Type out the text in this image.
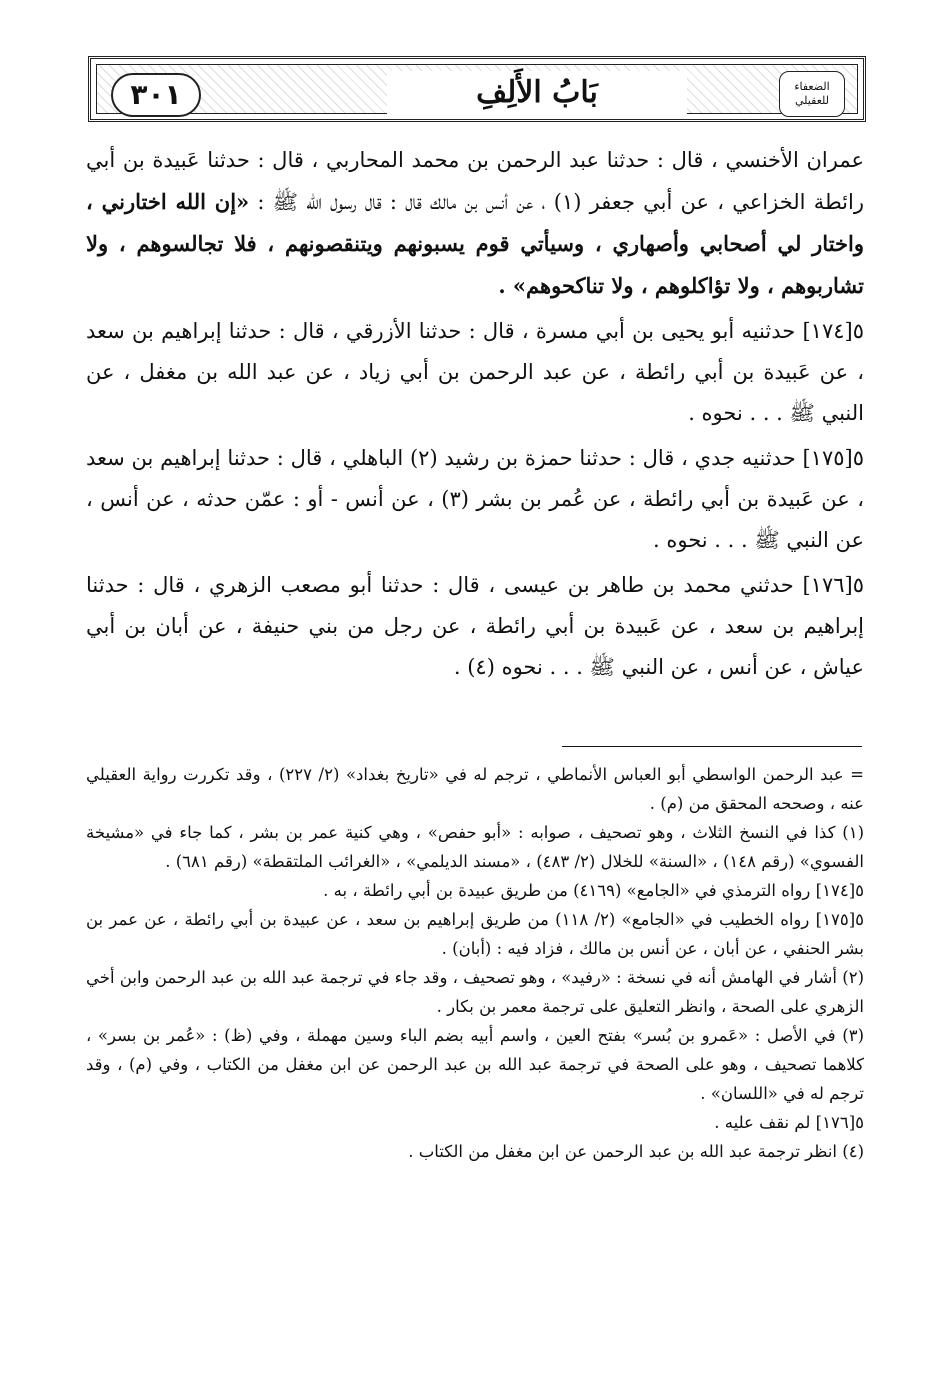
٣٠١	بَابُ الأَلِفِ	الضعفاء للعقيلي

عمران الأخنسي ، قال : حدثنا عبد الرحمن بن محمد المحاربي ، قال : حدثنا عَبيدة بن أبي رائطة الخزاعي ، عن أبي جعفر (١) ، عن أنس بن مالك قال : قال رسول الله ﷺ : «إن الله اختارني ، واختار لي أصحابي وأصهاري ، وسيأتي قوم يسبونهم ويتنقصونهم ، فلا تجالسوهم ، ولا تشاربوهم ، ولا تؤاكلوهم ، ولا تناكحوهم» .

٥[١٧٤] حدثنيه أبو يحيى بن أبي مسرة ، قال : حدثنا الأزرقي ، قال : حدثنا إبراهيم بن سعد ، عن عَبيدة بن أبي رائطة ، عن عبد الرحمن بن أبي زياد ، عن عبد الله بن مغفل ، عن النبي ﷺ . . . نحوه .

٥[١٧٥] حدثنيه جدي ، قال : حدثنا حمزة بن رشيد (٢) الباهلي ، قال : حدثنا إبراهيم بن سعد ، عن عَبيدة بن أبي رائطة ، عن عُمر بن بشر (٣) ، عن أنس - أو : عمّن حدثه ، عن أنس ، عن النبي ﷺ . . . نحوه .

٥[١٧٦] حدثني محمد بن طاهر بن عيسى ، قال : حدثنا أبو مصعب الزهري ، قال : حدثنا إبراهيم بن سعد ، عن عَبيدة بن أبي رائطة ، عن رجل من بني حنيفة ، عن أبان بن أبي عياش ، عن أنس ، عن النبي ﷺ . . . نحوه (٤) .

= عبد الرحمن الواسطي أبو العباس الأنماطي ، ترجم له في «تاريخ بغداد» (٢/ ٢٢٧) ، وقد تكررت رواية العقيلي عنه ، وصححه المحقق من (م) .

(١) كذا في النسخ الثلاث ، وهو تصحيف ، صوابه : «أبو حفص» ، وهي كنية عمر بن بشر ، كما جاء في «مشيخة الفسوي» (رقم ١٤٨) ، «السنة» للخلال (٢/ ٤٨٣) ، «مسند الديلمي» ، «الغرائب الملتقطة» (رقم ٦٨١) .

٥[١٧٤] رواه الترمذي في «الجامع» (٤١٦٩) من طريق عبيدة بن أبي رائطة ، به .

٥[١٧٥] رواه الخطيب في «الجامع» (٢/ ١١٨) من طريق إبراهيم بن سعد ، عن عبيدة بن أبي رائطة ، عن عمر بن بشر الحنفي ، عن أبان ، عن أنس بن مالك ، فزاد فيه : (أبان) .

(٢) أشار في الهامش أنه في نسخة : «رفيد» ، وهو تصحيف ، وقد جاء في ترجمة عبد الله بن عبد الرحمن وابن أخي الزهري على الصحة ، وانظر التعليق على ترجمة معمر بن بكار .

(٣) في الأصل : «عَمرو بن بُسر» بفتح العين ، واسم أبيه بضم الباء وسين مهملة ، وفي (ظ) : «عُمر بن بسر» ، كلاهما تصحيف ، وهو على الصحة في ترجمة عبد الله بن عبد الرحمن عن ابن مغفل من الكتاب ، وفي (م) ، وقد ترجم له في «اللسان» .

٥[١٧٦] لم نقف عليه .

(٤) انظر ترجمة عبد الله بن عبد الرحمن عن ابن مغفل من الكتاب .
